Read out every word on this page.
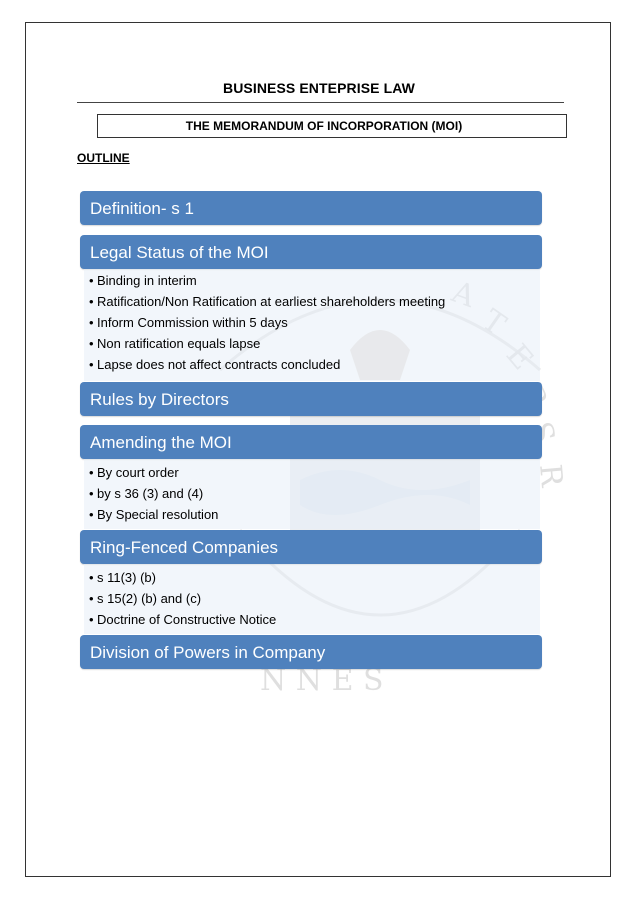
R
N N E S
BUSINESS ENTEPRISE LAW
THE MEMORANDUM OF INCORPORATION (MOI)
OUTLINE
Definition- s 1
Legal Status of the MOI
• Binding in interim
• Ratification/Non Ratification at earliest shareholders meeting
• Inform Commission within 5 days
• Non ratification equals lapse
• Lapse does not affect contracts concluded
Rules by Directors
Amending the MOI
• By court order
• by s 36 (3) and (4)
• By Special resolution
Ring-Fenced Companies
• s 11(3) (b)
• s 15(2) (b) and (c)
• Doctrine of Constructive Notice
Division of Powers in Company
